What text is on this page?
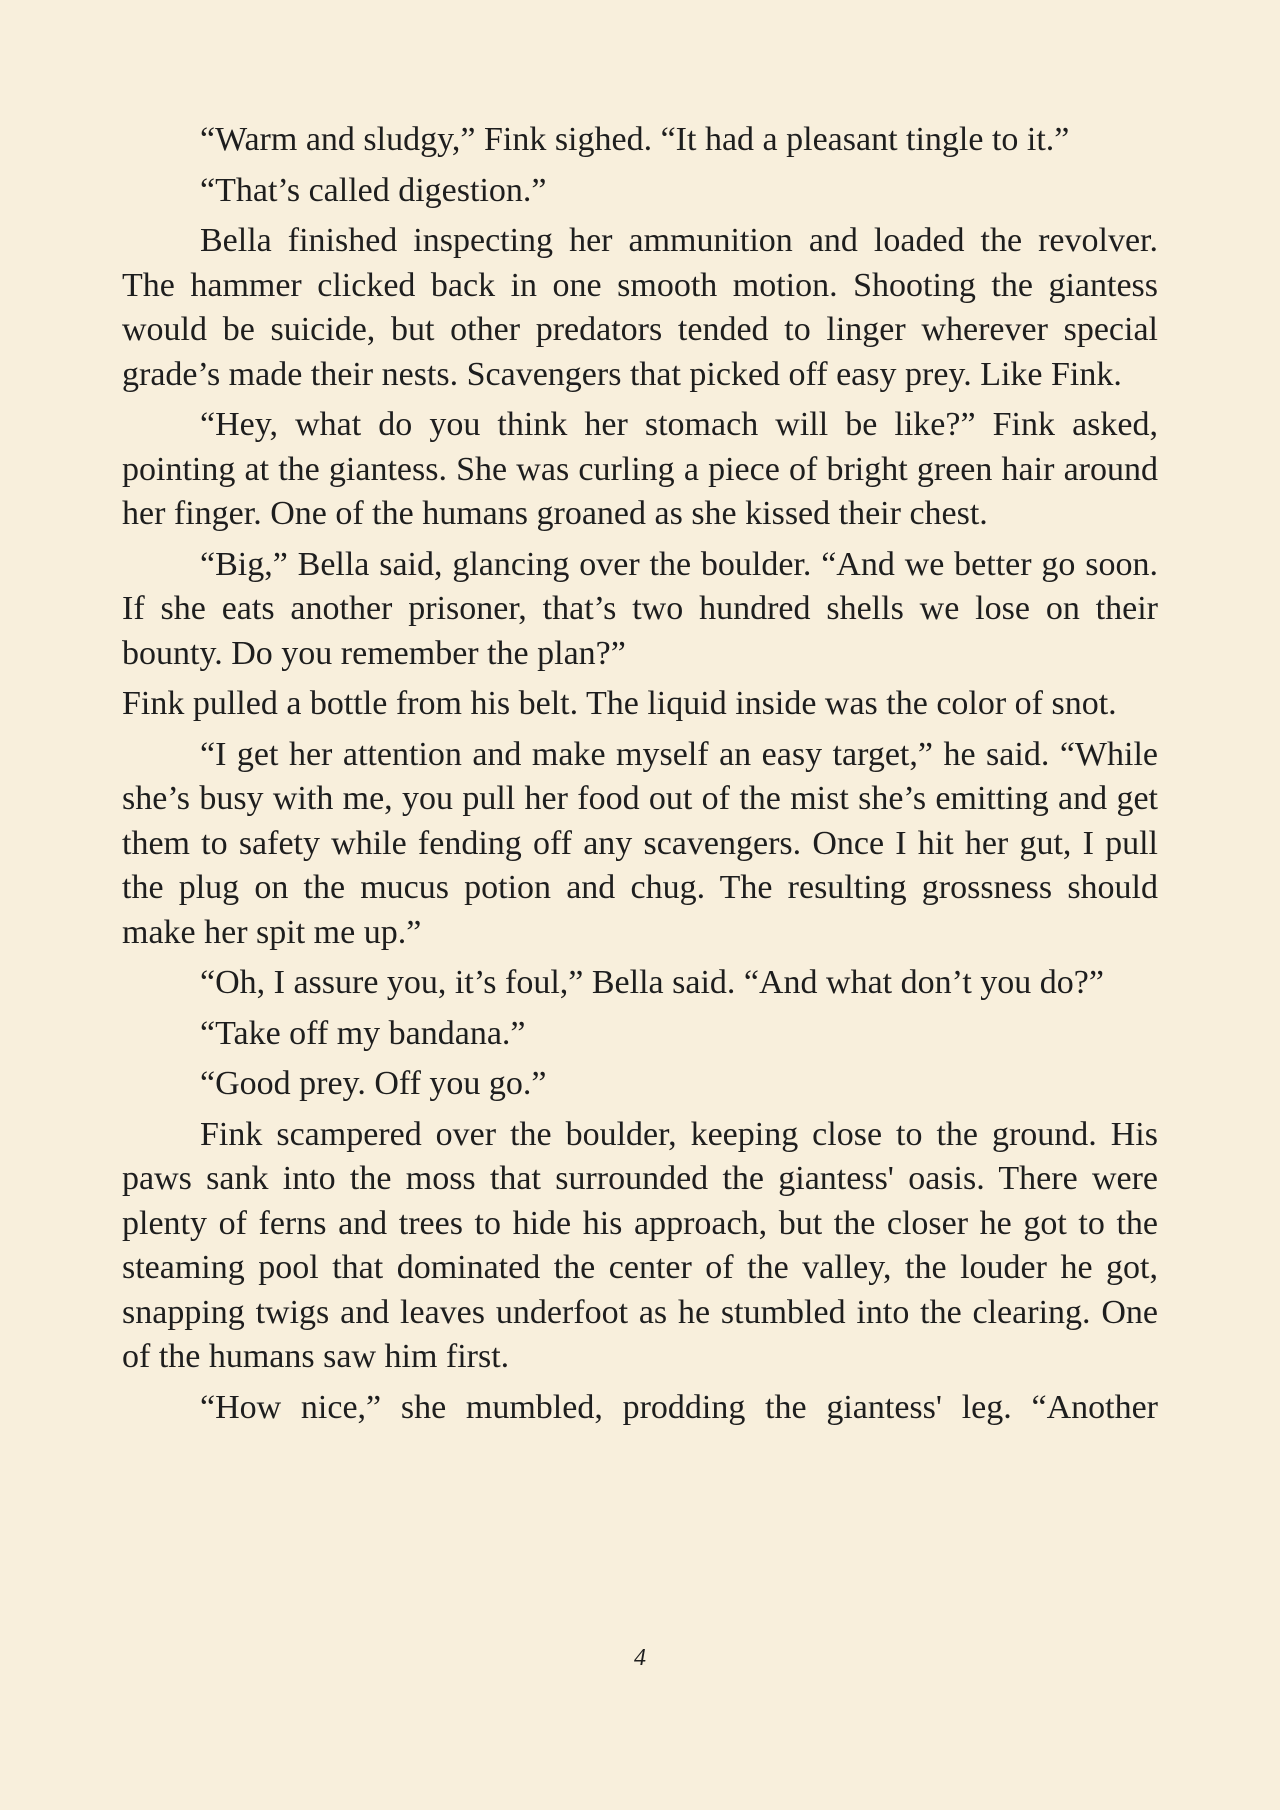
“Warm and sludgy,” Fink sighed. “It had a pleasant tingle to it.”

“That’s called digestion.”

Bella finished inspecting her ammunition and loaded the revolver. The hammer clicked back in one smooth motion. Shooting the giantess would be suicide, but other predators tended to linger wherever special grade’s made their nests. Scavengers that picked off easy prey. Like Fink.

“Hey, what do you think her stomach will be like?” Fink asked, pointing at the giantess. She was curling a piece of bright green hair around her finger. One of the humans groaned as she kissed their chest.

“Big,” Bella said, glancing over the boulder. “And we better go soon. If she eats another prisoner, that’s two hundred shells we lose on their bounty. Do you remember the plan?”

Fink pulled a bottle from his belt. The liquid inside was the color of snot.

“I get her attention and make myself an easy target,” he said. “While she’s busy with me, you pull her food out of the mist she’s emitting and get them to safety while fending off any scavengers. Once I hit her gut, I pull the plug on the mucus potion and chug. The resulting grossness should make her spit me up.”

“Oh, I assure you, it’s foul,” Bella said. “And what don’t you do?”

“Take off my bandana.”

“Good prey. Off you go.”

Fink scampered over the boulder, keeping close to the ground. His paws sank into the moss that surrounded the giantess' oasis. There were plenty of ferns and trees to hide his approach, but the closer he got to the steaming pool that dominated the center of the valley, the louder he got, snapping twigs and leaves underfoot as he stumbled into the clearing. One of the humans saw him first.

“How nice,” she mumbled, prodding the giantess' leg. “Another

4
